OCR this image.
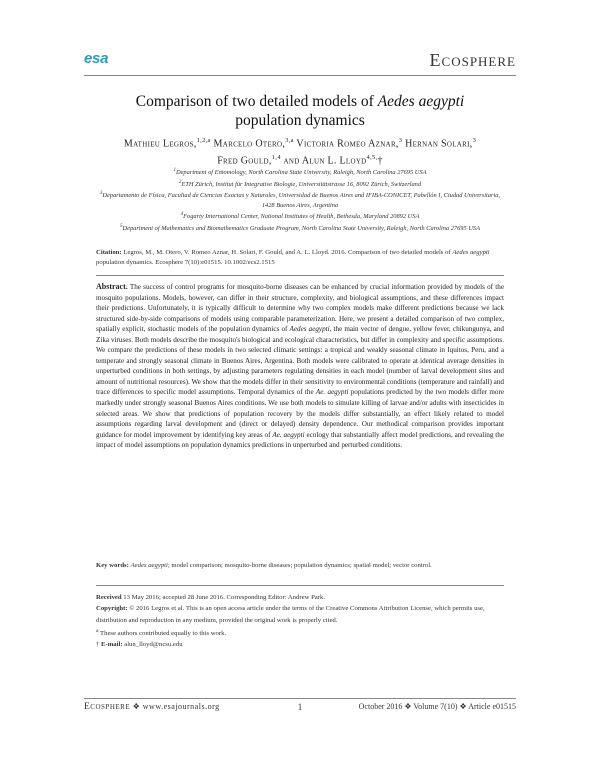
esa	Ecosphere
Comparison of two detailed models of Aedes aegypti
population dynamics
Mathieu Legros,$^{1,2,a}$ Marcelo Otero,$^{3,a}$ Victoria Romeo Aznar,$^3$ Hernan Solari,$^3$
Fred Gould,$^{1,4}$ and Alun L. Lloyd$^{4,5,}$†
$^1$Department of Entomology, North Carolina State University, Raleigh, North Carolina 27695 USA
$^2$ETH Zürich, Institut für Integrative Biologie, Universitätstrasse 16, 8092 Zürich, Switzerland
$^3$Departamento de Física, Facultad de Ciencias Exactas y Naturales, Universidad de Buenos Aires and IFIBA-CONICET, Pabellón I, Ciudad Universitaria, 1428 Buenos Aires, Argentina
$^4$Fogarty International Center, National Institutes of Health, Bethesda, Maryland 20892 USA
$^5$Department of Mathematics and Biomathematics Graduate Program, North Carolina State University, Raleigh, North Carolina 27695 USA
Citation: Legros, M., M. Otero, V. Romeo Aznar, H. Solari, F. Gould, and A. L. Lloyd. 2016. Comparison of two detailed models of Aedes aegypti population dynamics. Ecosphere 7(10):e01515. 10.1002/ecs2.1515
Abstract. The success of control programs for mosquito-borne diseases can be enhanced by crucial information provided by models of the mosquito populations. Models, however, can differ in their structure, complexity, and biological assumptions, and these differences impact their predictions. Unfortunately, it is typically difficult to determine why two complex models make different predictions because we lack structured side-by-side comparisons of models using comparable parameterization. Here, we present a detailed comparison of two complex, spatially explicit, stochastic models of the population dynamics of Aedes aegypti, the main vector of dengue, yellow fever, chikungunya, and Zika viruses. Both models describe the mosquito's biological and ecological characteristics, but differ in complexity and specific assumptions. We compare the predictions of these models in two selected climatic settings: a tropical and weakly seasonal climate in Iquitos, Peru, and a temperate and strongly seasonal climate in Buenos Aires, Argentina. Both models were calibrated to operate at identical average densities in unperturbed conditions in both settings, by adjusting parameters regulating densities in each model (number of larval development sites and amount of nutritional resources). We show that the models differ in their sensitivity to environmental conditions (temperature and rainfall) and trace differences to specific model assumptions. Temporal dynamics of the Ae. aegypti populations predicted by the two models differ more markedly under strongly seasonal Buenos Aires conditions. We use both models to simulate killing of larvae and/or adults with insecticides in selected areas. We show that predictions of population recovery by the models differ substantially, an effect likely related to model assumptions regarding larval development and (direct or delayed) density dependence. Our methodical comparison provides important guidance for model improvement by identifying key areas of Ae. aegypti ecology that substantially affect model predictions, and revealing the impact of model assumptions on population dynamics predictions in unperturbed and perturbed conditions.
Key words: Aedes aegypti; model comparison; mosquito-borne diseases; population dynamics; spatial model; vector control.

Received 13 May 2016; accepted 28 June 2016. Corresponding Editor: Andrew Park.

Copyright: © 2016 Legros et al. This is an open access article under the terms of the Creative Commons Attribution License, which permits use, distribution and reproduction in any medium, provided the original work is properly cited.

$^a$ These authors contributed equally to this work.

† E-mail: alun_lloyd@ncsu.edu

Ecosphere ❖ www.esajournals.org	1	October 2016 ❖ Volume 7(10) ❖ Article e01515
